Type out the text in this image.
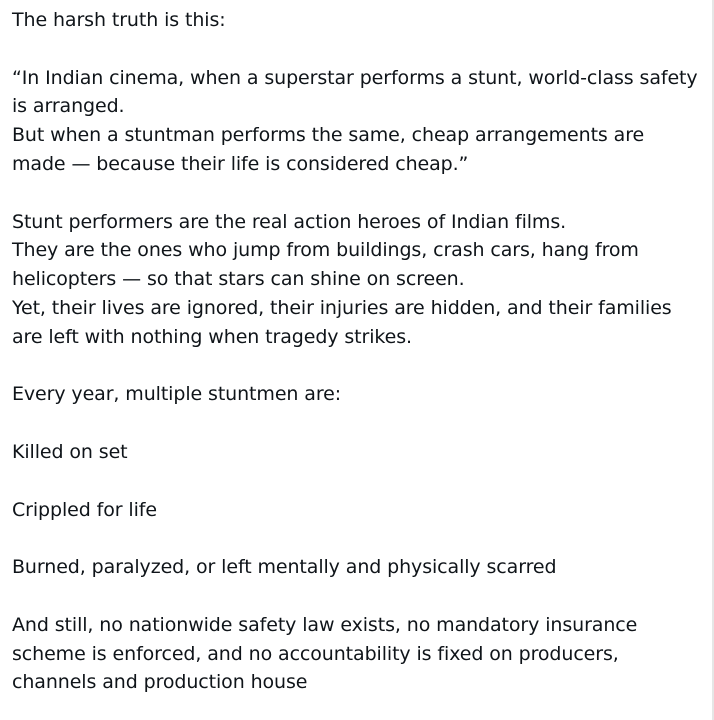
The harsh truth is this:

“In Indian cinema, when a superstar performs a stunt, world-class safety is arranged.
But when a stuntman performs the same, cheap arrangements are made — because their life is considered cheap.”

Stunt performers are the real action heroes of Indian films.
They are the ones who jump from buildings, crash cars, hang from helicopters — so that stars can shine on screen.
Yet, their lives are ignored, their injuries are hidden, and their families are left with nothing when tragedy strikes.

Every year, multiple stuntmen are:

Killed on set

Crippled for life

Burned, paralyzed, or left mentally and physically scarred

And still, no nationwide safety law exists, no mandatory insurance scheme is enforced, and no accountability is fixed on producers, channels and production house
